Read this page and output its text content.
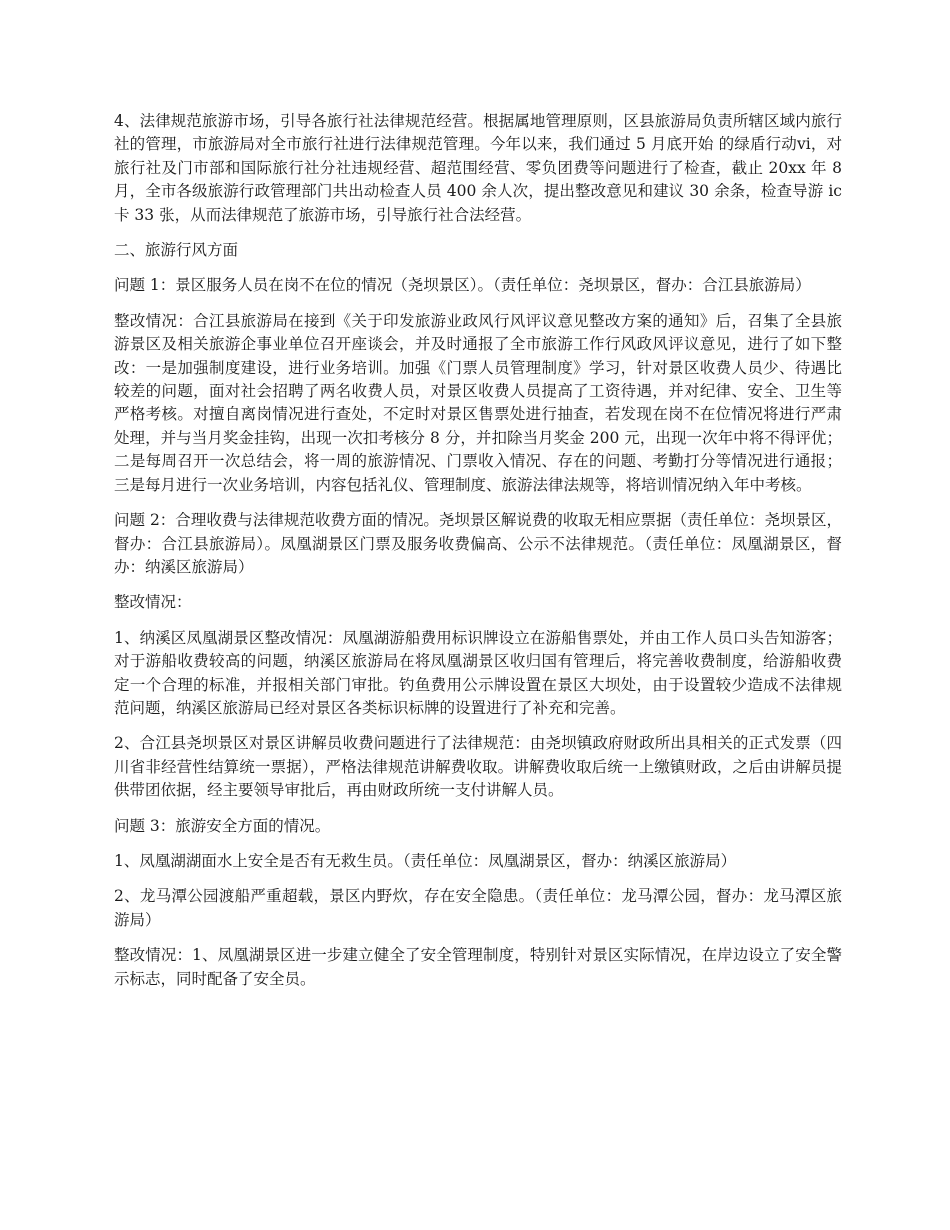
4、法律规范旅游市场，引导各旅行社法律规范经营。根据属地管理原则，区县旅游局负责所辖区域内旅行社的管理，市旅游局对全市旅行社进行法律规范管理。今年以来，我们通过 5 月底开始 的绿盾行动vi，对旅行社及门市部和国际旅行社分社违规经营、超范围经营、零负团费等问题进行了检查，截止 20xx 年 8 月，全市各级旅游行政管理部门共出动检查人员 400 余人次，提出整改意见和建议 30 余条，检查导游 ic 卡 33 张，从而法律规范了旅游市场，引导旅行社合法经营。

二、旅游行风方面

问题 1：景区服务人员在岗不在位的情况（尧坝景区）。（责任单位：尧坝景区，督办：合江县旅游局）

整改情况：合江县旅游局在接到《关于印发旅游业政风行风评议意见整改方案的通知》后，召集了全县旅游景区及相关旅游企事业单位召开座谈会，并及时通报了全市旅游工作行风政风评议意见，进行了如下整改：一是加强制度建设，进行业务培训。加强《门票人员管理制度》学习，针对景区收费人员少、待遇比较差的问题，面对社会招聘了两名收费人员，对景区收费人员提高了工资待遇，并对纪律、安全、卫生等严格考核。对擅自离岗情况进行查处，不定时对景区售票处进行抽查，若发现在岗不在位情况将进行严肃处理，并与当月奖金挂钩，出现一次扣考核分 8 分，并扣除当月奖金 200 元，出现一次年中将不得评优；二是每周召开一次总结会，将一周的旅游情况、门票收入情况、存在的问题、考勤打分等情况进行通报；三是每月进行一次业务培训，内容包括礼仪、管理制度、旅游法律法规等，将培训情况纳入年中考核。

问题 2：合理收费与法律规范收费方面的情况。尧坝景区解说费的收取无相应票据（责任单位：尧坝景区，督办：合江县旅游局）。凤凰湖景区门票及服务收费偏高、公示不法律规范。（责任单位：凤凰湖景区，督办：纳溪区旅游局）

整改情况：

1、纳溪区凤凰湖景区整改情况：凤凰湖游船费用标识牌设立在游船售票处，并由工作人员口头告知游客；对于游船收费较高的问题，纳溪区旅游局在将凤凰湖景区收归国有管理后，将完善收费制度，给游船收费定一个合理的标准，并报相关部门审批。钓鱼费用公示牌设置在景区大坝处，由于设置较少造成不法律规范问题，纳溪区旅游局已经对景区各类标识标牌的设置进行了补充和完善。

2、合江县尧坝景区对景区讲解员收费问题进行了法律规范：由尧坝镇政府财政所出具相关的正式发票（四川省非经营性结算统一票据），严格法律规范讲解费收取。讲解费收取后统一上缴镇财政，之后由讲解员提供带团依据，经主要领导审批后，再由财政所统一支付讲解人员。

问题 3：旅游安全方面的情况。

1、凤凰湖湖面水上安全是否有无救生员。（责任单位：凤凰湖景区，督办：纳溪区旅游局）

2、龙马潭公园渡船严重超载，景区内野炊，存在安全隐患。（责任单位：龙马潭公园，督办：龙马潭区旅游局）

整改情况：1、凤凰湖景区进一步建立健全了安全管理制度，特别针对景区实际情况，在岸边设立了安全警示标志，同时配备了安全员。
